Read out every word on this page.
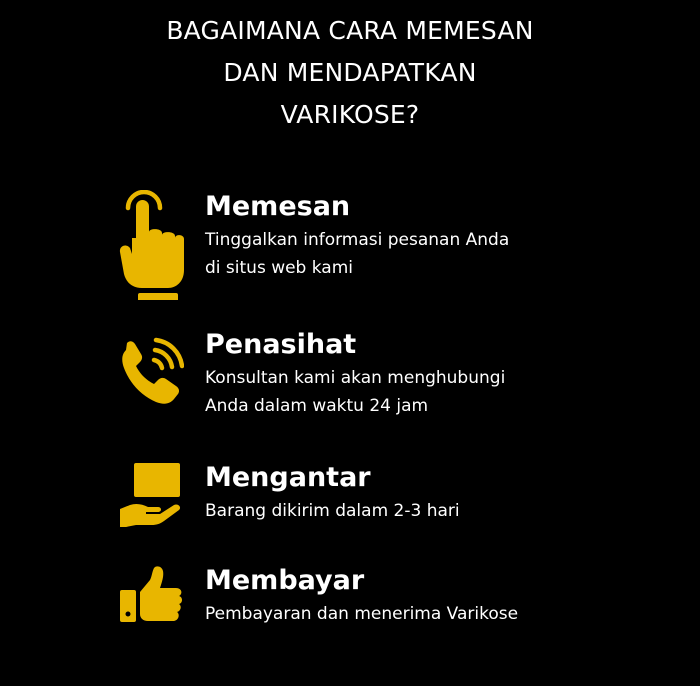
BAGAIMANA CARA MEMESAN
DAN MENDAPATKAN
VARIKOSE?
Memesan
Tinggalkan informasi pesanan Anda
di situs web kami
Penasihat
Konsultan kami akan menghubungi
Anda dalam waktu 24 jam
Mengantar
Barang dikirim dalam 2-3 hari
Membayar
Pembayaran dan menerima Varikose
